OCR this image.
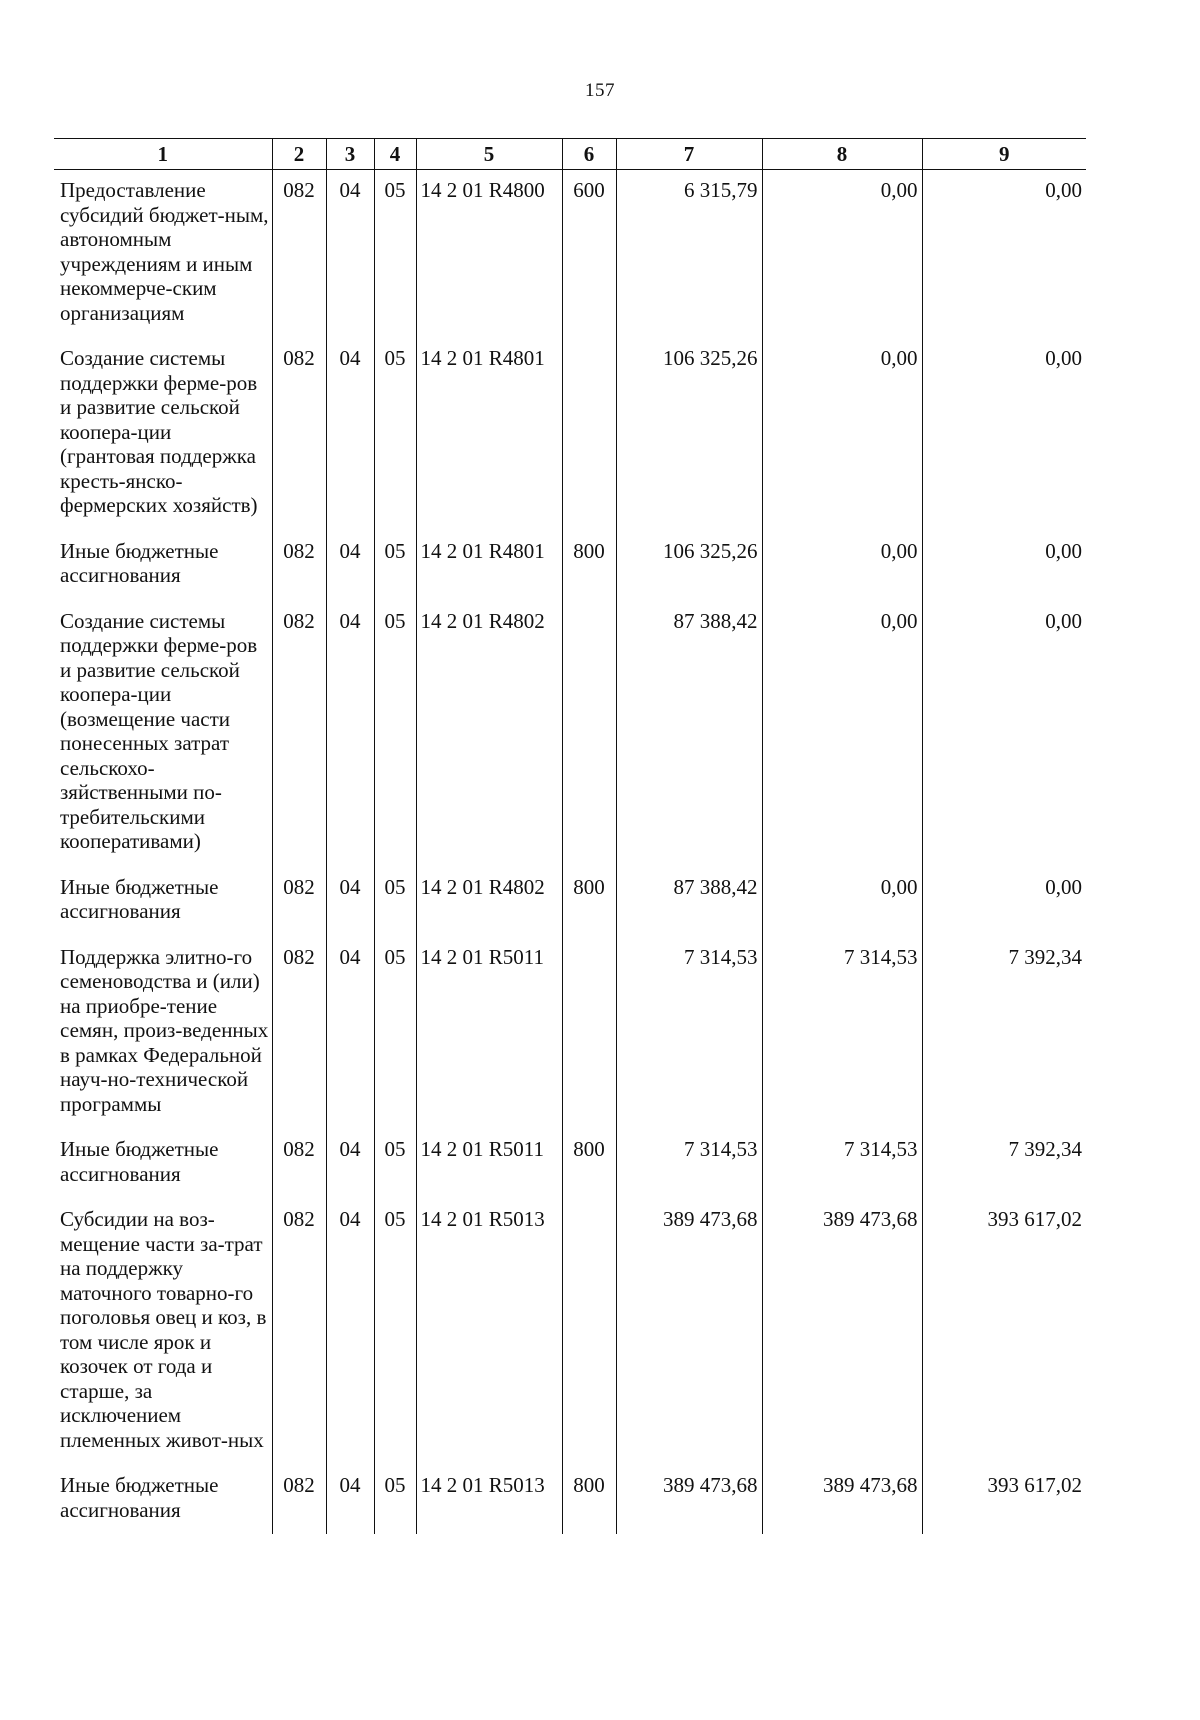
157
1	2	3	4	5	6	7	8	9
Предоставление субсидий бюджет-ным, автономным учреждениям и иным некоммерче-ским организациям	082	04	05	14 2 01 R4800	600	6 315,79	0,00	0,00
Создание системы поддержки ферме-ров и развитие сельской коопера-ции (грантовая поддержка кресть-янско-фермерских хозяйств)	082	04	05	14 2 01 R4801		106 325,26	0,00	0,00
Иные бюджетные ассигнования	082	04	05	14 2 01 R4801	800	106 325,26	0,00	0,00
Создание системы поддержки ферме-ров и развитие сельской коопера-ции (возмещение части понесенных затрат сельскохо-зяйственными по-требительскими кооперативами)	082	04	05	14 2 01 R4802		87 388,42	0,00	0,00
Иные бюджетные ассигнования	082	04	05	14 2 01 R4802	800	87 388,42	0,00	0,00
Поддержка элитно-го семеноводства и (или) на приобре-тение семян, произ-веденных в рамках Федеральной науч-но-технической программы	082	04	05	14 2 01 R5011		7 314,53	7 314,53	7 392,34
Иные бюджетные ассигнования	082	04	05	14 2 01 R5011	800	7 314,53	7 314,53	7 392,34
Субсидии на воз-мещение части за-трат на поддержку маточного товарно-го поголовья овец и коз, в том числе ярок и козочек от года и старше, за исключением племенных живот-ных	082	04	05	14 2 01 R5013		389 473,68	389 473,68	393 617,02
Иные бюджетные ассигнования	082	04	05	14 2 01 R5013	800	389 473,68	389 473,68	393 617,02
